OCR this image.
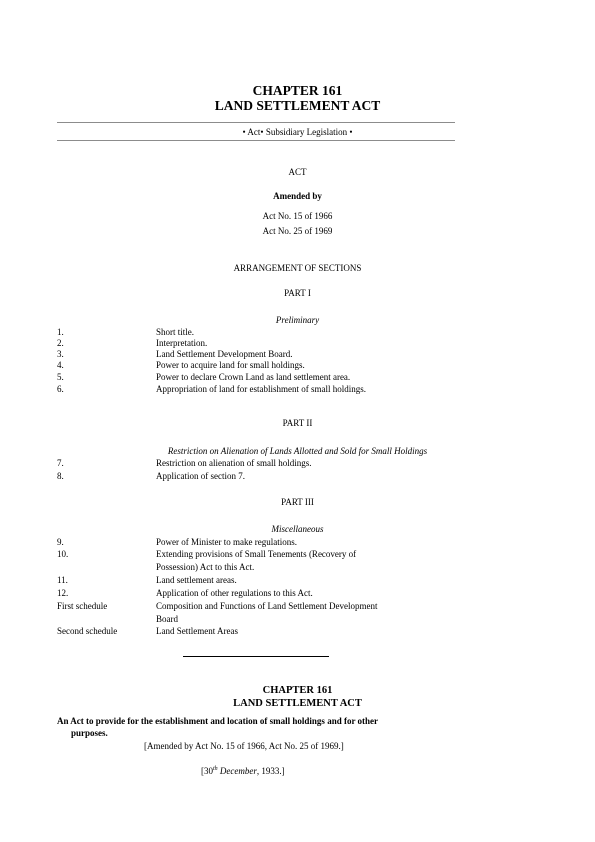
CHAPTER 161
LAND SETTLEMENT ACT
• Act• Subsidiary Legislation •
ACT
Amended by
Act No. 15 of 1966
Act No. 25 of 1969
ARRANGEMENT OF SECTIONS
PART I
Preliminary
1.	Short title.
2.	Interpretation.
3.	Land Settlement Development Board.
4.	Power to acquire land for small holdings.
5.	Power to declare Crown Land as land settlement area.
6.	Appropriation of land for establishment of small holdings.
PART II
Restriction on Alienation of Lands Allotted and Sold for Small Holdings
7.	Restriction on alienation of small holdings.
8.	Application of section 7.
PART III
Miscellaneous
9.	Power of Minister to make regulations.
10.	Extending provisions of Small Tenements (Recovery of
Possession) Act to this Act.
11.	Land settlement areas.
12.	Application of other regulations to this Act.
First schedule	Composition and Functions of Land Settlement Development
Board
Second schedule	Land Settlement Areas
CHAPTER 161
LAND SETTLEMENT ACT
An Act to provide for the establishment and location of small holdings and for other
purposes.
[Amended by Act No. 15 of 1966, Act No. 25 of 1969.]
[30th December, 1933.]
